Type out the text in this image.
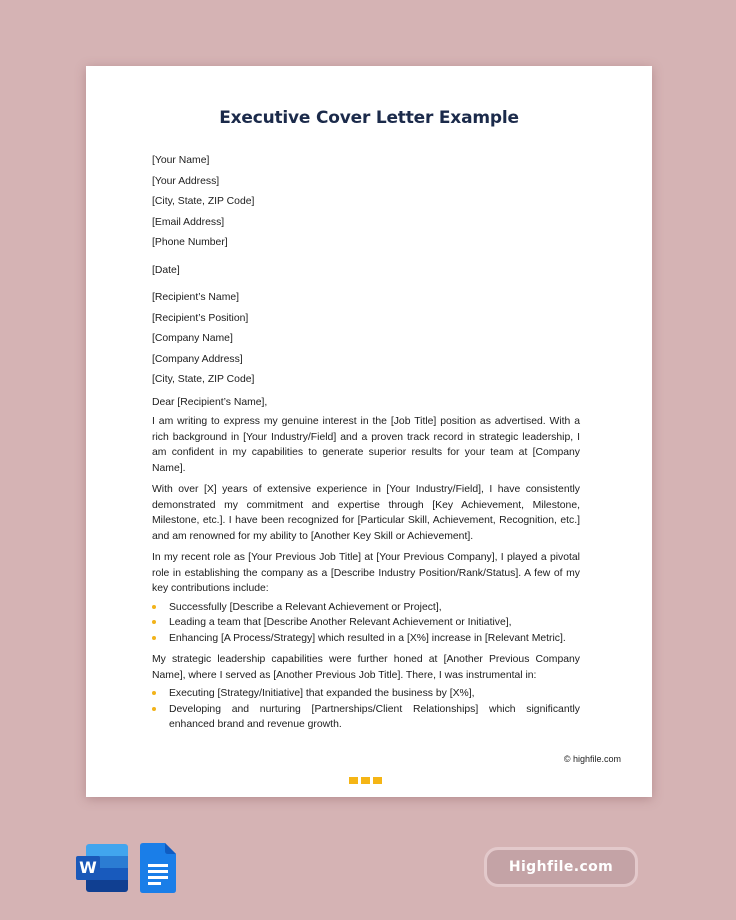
Executive Cover Letter Example
[Your Name]
[Your Address]
[City, State, ZIP Code]
[Email Address]
[Phone Number]
[Date]
[Recipient’s Name]
[Recipient’s Position]
[Company Name]
[Company Address]
[City, State, ZIP Code]
Dear [Recipient’s Name],

I am writing to express my genuine interest in the [Job Title] position as advertised. With a rich background in [Your Industry/Field] and a proven track record in strategic leadership, I am confident in my capabilities to generate superior results for your team at [Company Name].

With over [X] years of extensive experience in [Your Industry/Field], I have consistently demonstrated my commitment and expertise through [Key Achievement, Milestone, Milestone, etc.]. I have been recognized for [Particular Skill, Achievement, Recognition, etc.] and am renowned for my ability to [Another Key Skill or Achievement].

In my recent role as [Your Previous Job Title] at [Your Previous Company], I played a pivotal role in establishing the company as a [Describe Industry Position/Rank/Status]. A few of my key contributions include:

Successfully [Describe a Relevant Achievement or Project],
Leading a team that [Describe Another Relevant Achievement or Initiative],
Enhancing [A Process/Strategy] which resulted in a [X%] increase in [Relevant Metric].

My strategic leadership capabilities were further honed at [Another Previous Company Name], where I served as [Another Previous Job Title]. There, I was instrumental in:

Executing [Strategy/Initiative] that expanded the business by [X%],
Developing and nurturing [Partnerships/Client Relationships] which significantly enhanced brand and revenue growth.
© highfile.com
W	Highfile.com
